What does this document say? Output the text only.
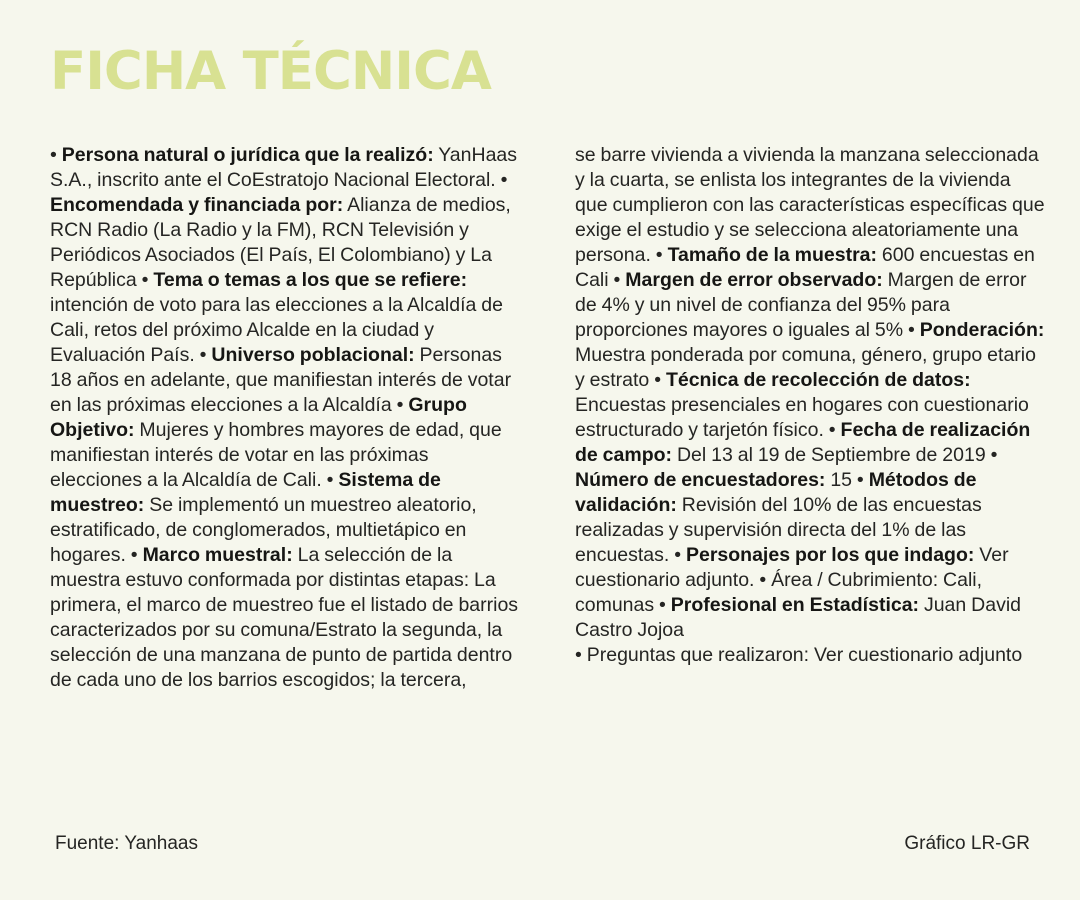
FICHA TÉCNICA

• Persona natural o jurídica que la realizó: YanHaas S.A., inscrito ante el CoEstratojo Nacional Electoral. • Encomendada y financiada por: Alianza de medios, RCN Radio (La Radio y la FM), RCN Televisión y Periódicos Asociados (El País, El Colombiano) y La República • Tema o temas a los que se refiere: intención de voto para las elecciones a la Alcaldía de Cali, retos del próximo Alcalde en la ciudad y Evaluación País. • Universo poblacional: Personas 18 años en adelante, que manifiestan interés de votar en las próximas elecciones a la Alcaldía • Grupo Objetivo: Mujeres y hombres mayores de edad, que manifiestan interés de votar en las próximas elecciones a la Alcaldía de Cali. • Sistema de muestreo: Se implementó un muestreo aleatorio, estratificado, de conglomerados, multietápico en hogares. • Marco muestral: La selección de la muestra estuvo conformada por distintas etapas: La primera, el marco de muestreo fue el listado de barrios caracterizados por su comuna/Estrato la segunda, la selección de una manzana de punto de partida dentro de cada uno de los barrios escogidos; la tercera,

se barre vivienda a vivienda la manzana seleccionada y la cuarta, se enlista los integrantes de la vivienda que cumplieron con las características específicas que exige el estudio y se selecciona aleatoriamente una persona. • Tamaño de la muestra: 600 encuestas en Cali • Margen de error observado: Margen de error de 4% y un nivel de confianza del 95% para proporciones mayores o iguales al 5% • Ponderación: Muestra ponderada por comuna, género, grupo etario y estrato • Técnica de recolección de datos: Encuestas presenciales en hogares con cuestionario estructurado y tarjetón físico. • Fecha de realización de campo: Del 13 al 19 de Septiembre de 2019 • Número de encuestadores: 15 • Métodos de validación: Revisión del 10% de las encuestas realizadas y supervisión directa del 1% de las encuestas. • Personajes por los que indago: Ver cuestionario adjunto. • Área / Cubrimiento: Cali, comunas • Profesional en Estadística: Juan David Castro Jojoa

• Preguntas que realizaron: Ver cuestionario adjunto

Fuente: Yanhaas	Gráfico LR-GR
